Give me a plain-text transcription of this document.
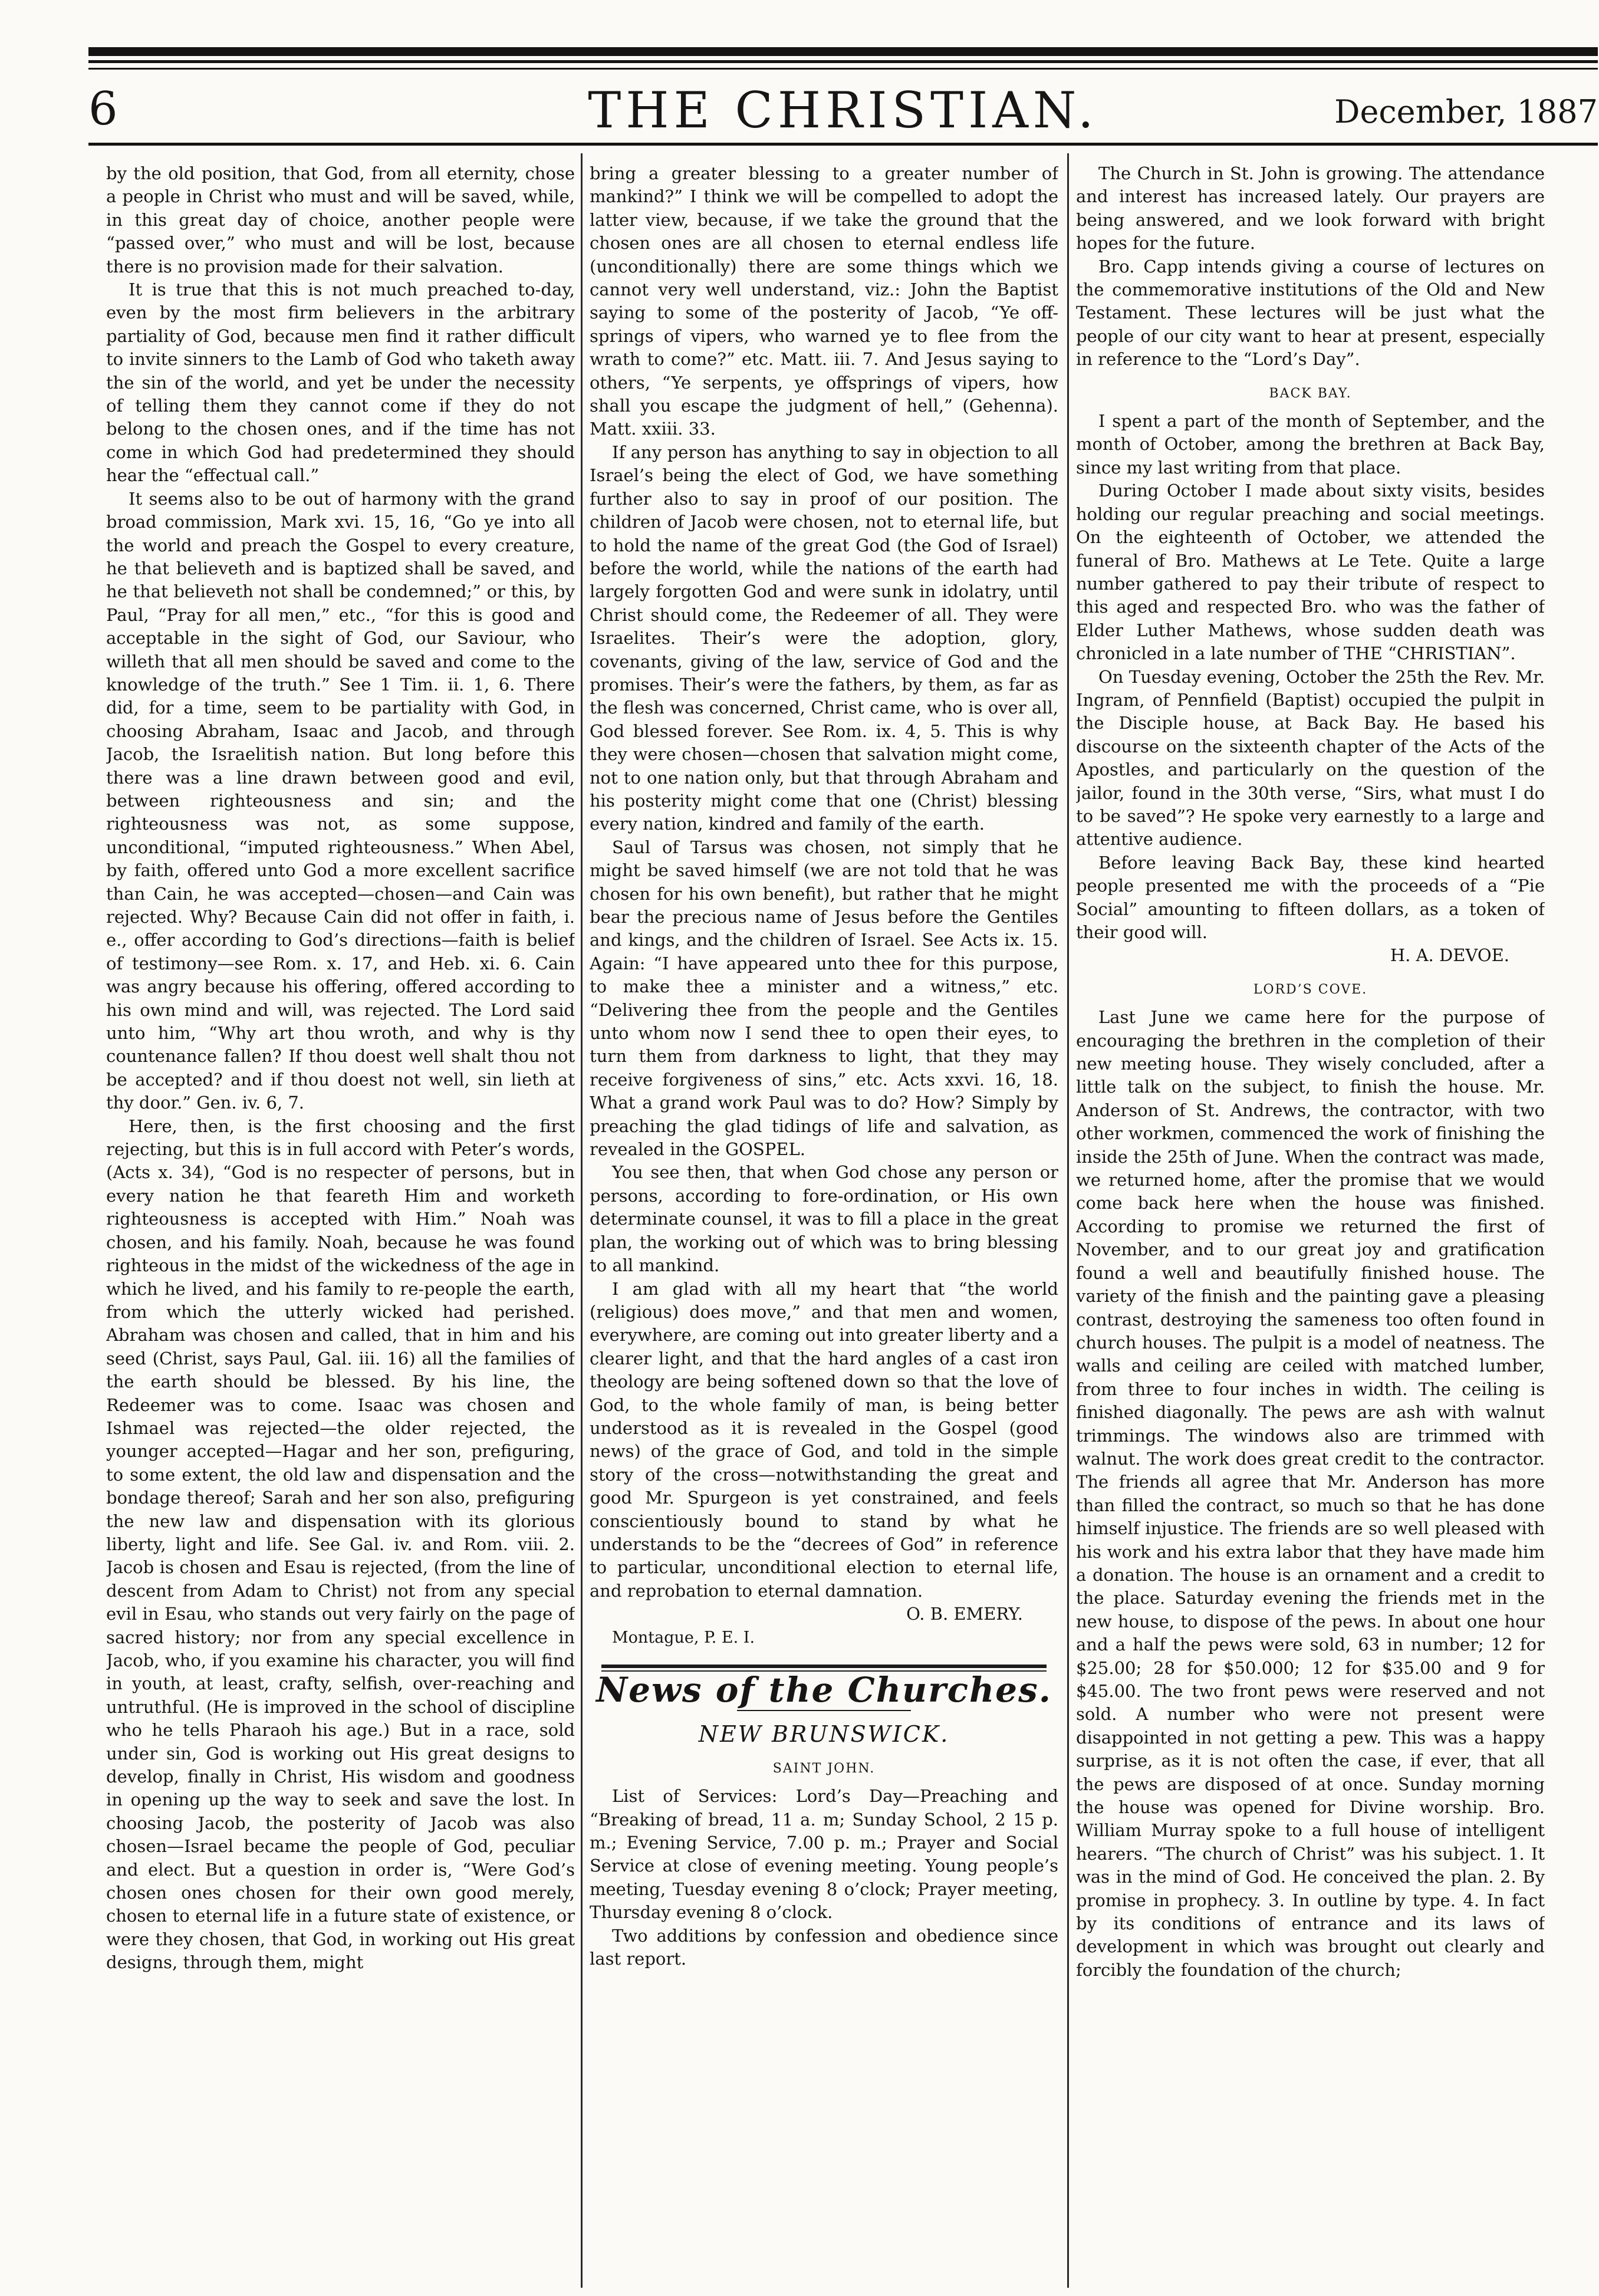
6	THE CHRISTIAN.	December, 1887

by the old position, that God, from all eternity, chose a people in Christ who must and will be saved, while, in this great day of choice, another people were “passed over,” who must and will be lost, because there is no provision made for their salvation.

It is true that this is not much preached to-day, even by the most firm believers in the arbitrary partiality of God, because men find it rather difficult to invite sinners to the Lamb of God who taketh away the sin of the world, and yet be under the necessity of telling them they cannot come if they do not belong to the chosen ones, and if the time has not come in which God had predetermined they should hear the “effectual call.”

It seems also to be out of harmony with the grand broad commission, Mark xvi. 15, 16, “Go ye into all the world and preach the Gospel to every creature, he that believeth and is baptized shall be saved, and he that believeth not shall be condemned;” or this, by Paul, “Pray for all men,” etc., “for this is good and acceptable in the sight of God, our Saviour, who willeth that all men should be saved and come to the knowledge of the truth.” See 1 Tim. ii. 1, 6. There did, for a time, seem to be partiality with God, in choosing Abraham, Isaac and Jacob, and through Jacob, the Israelitish nation. But long before this there was a line drawn between good and evil, between righteousness and sin; and the righteousness was not, as some suppose, unconditional, “imputed righteousness.” When Abel, by faith, offered unto God a more excellent sacrifice than Cain, he was accepted—chosen—and Cain was rejected. Why? Because Cain did not offer in faith, i. e., offer according to God’s directions—faith is belief of testimony—see Rom. x. 17, and Heb. xi. 6. Cain was angry because his offering, offered according to his own mind and will, was rejected. The Lord said unto him, “Why art thou wroth, and why is thy countenance fallen? If thou doest well shalt thou not be accepted? and if thou doest not well, sin lieth at thy door.” Gen. iv. 6, 7.

Here, then, is the first choosing and the first rejecting, but this is in full accord with Peter’s words, (Acts x. 34), “God is no respecter of persons, but in every nation he that feareth Him and worketh righteousness is accepted with Him.” Noah was chosen, and his family. Noah, because he was found righteous in the midst of the wickedness of the age in which he lived, and his family to re-people the earth, from which the utterly wicked had perished. Abraham was chosen and called, that in him and his seed (Christ, says Paul, Gal. iii. 16) all the families of the earth should be blessed. By his line, the Redeemer was to come. Isaac was chosen and Ishmael was rejected—the older rejected, the younger accepted—Hagar and her son, prefiguring, to some extent, the old law and dispensation and the bondage thereof; Sarah and her son also, prefiguring the new law and dispensation with its glorious liberty, light and life. See Gal. iv. and Rom. viii. 2. Jacob is chosen and Esau is rejected, (from the line of descent from Adam to Christ) not from any special evil in Esau, who stands out very fairly on the page of sacred history; nor from any special excellence in Jacob, who, if you examine his character, you will find in youth, at least, crafty, selfish, over-reaching and untruthful. (He is improved in the school of discipline who he tells Pharaoh his age.) But in a race, sold under sin, God is working out His great designs to develop, finally in Christ, His wisdom and goodness in opening up the way to seek and save the lost. In choosing Jacob, the posterity of Jacob was also chosen—Israel became the people of God, peculiar and elect. But a question in order is, “Were God’s chosen ones chosen for their own good merely, chosen to eternal life in a future state of existence, or were they chosen, that God, in working out His great designs, through them, might

bring a greater blessing to a greater number of mankind?” I think we will be compelled to adopt the latter view, because, if we take the ground that the chosen ones are all chosen to eternal endless life (unconditionally) there are some things which we cannot very well understand, viz.: John the Baptist saying to some of the posterity of Jacob, “Ye off-springs of vipers, who warned ye to flee from the wrath to come?” etc. Matt. iii. 7. And Jesus saying to others, “Ye serpents, ye offsprings of vipers, how shall you escape the judgment of hell,” (Gehenna). Matt. xxiii. 33.

If any person has anything to say in objection to all Israel’s being the elect of God, we have something further also to say in proof of our position. The children of Jacob were chosen, not to eternal life, but to hold the name of the great God (the God of Israel) before the world, while the nations of the earth had largely forgotten God and were sunk in idolatry, until Christ should come, the Redeemer of all. They were Israelites. Their’s were the adoption, glory, covenants, giving of the law, service of God and the promises. Their’s were the fathers, by them, as far as the flesh was concerned, Christ came, who is over all, God blessed forever. See Rom. ix. 4, 5. This is why they were chosen—chosen that salvation might come, not to one nation only, but that through Abraham and his posterity might come that one (Christ) blessing every nation, kindred and family of the earth.

Saul of Tarsus was chosen, not simply that he might be saved himself (we are not told that he was chosen for his own benefit), but rather that he might bear the precious name of Jesus before the Gentiles and kings, and the children of Israel. See Acts ix. 15. Again: “I have appeared unto thee for this purpose, to make thee a minister and a witness,” etc. “Delivering thee from the people and the Gentiles unto whom now I send thee to open their eyes, to turn them from darkness to light, that they may receive forgiveness of sins,” etc. Acts xxvi. 16, 18. What a grand work Paul was to do? How? Simply by preaching the glad tidings of life and salvation, as revealed in the GOSPEL.

You see then, that when God chose any person or persons, according to fore-ordination, or His own determinate counsel, it was to fill a place in the great plan, the working out of which was to bring blessing to all mankind.

I am glad with all my heart that “the world (religious) does move,” and that men and women, everywhere, are coming out into greater liberty and a clearer light, and that the hard angles of a cast iron theology are being softened down so that the love of God, to the whole family of man, is being better understood as it is revealed in the Gospel (good news) of the grace of God, and told in the simple story of the cross—notwithstanding the great and good Mr. Spurgeon is yet constrained, and feels conscientiously bound to stand by what he understands to be the “decrees of God” in reference to particular, unconditional election to eternal life, and reprobation to eternal damnation.

O. B. EMERY.

Montague, P. E. I.

News of the Churches.
NEW BRUNSWICK.
SAINT JOHN.

List of Services: Lord’s Day—Preaching and “Breaking of bread, 11 a. m; Sunday School, 2 15 p. m.; Evening Service, 7.00 p. m.; Prayer and Social Service at close of evening meeting. Young people’s meeting, Tuesday evening 8 o’clock; Prayer meeting, Thursday evening 8 o’clock.

Two additions by confession and obedience since last report.

The Church in St. John is growing. The attendance and interest has increased lately. Our prayers are being answered, and we look forward with bright hopes for the future.

Bro. Capp intends giving a course of lectures on the commemorative institutions of the Old and New Testament. These lectures will be just what the people of our city want to hear at present, especially in reference to the “Lord’s Day”.

BACK BAY.

I spent a part of the month of September, and the month of October, among the brethren at Back Bay, since my last writing from that place.

During October I made about sixty visits, besides holding our regular preaching and social meetings. On the eighteenth of October, we attended the funeral of Bro. Mathews at Le Tete. Quite a large number gathered to pay their tribute of respect to this aged and respected Bro. who was the father of Elder Luther Mathews, whose sudden death was chronicled in a late number of THE “CHRISTIAN”.

On Tuesday evening, October the 25th the Rev. Mr. Ingram, of Pennfield (Baptist) occupied the pulpit in the Disciple house, at Back Bay. He based his discourse on the sixteenth chapter of the Acts of the Apostles, and particularly on the question of the jailor, found in the 30th verse, “Sirs, what must I do to be saved”? He spoke very earnestly to a large and attentive audience.

Before leaving Back Bay, these kind hearted people presented me with the proceeds of a “Pie Social” amounting to fifteen dollars, as a token of their good will.

H. A. DEVOE.

LORD’S COVE.

Last June we came here for the purpose of encouraging the brethren in the completion of their new meeting house. They wisely concluded, after a little talk on the subject, to finish the house. Mr. Anderson of St. Andrews, the contractor, with two other workmen, commenced the work of finishing the inside the 25th of June. When the contract was made, we returned home, after the promise that we would come back here when the house was finished. According to promise we returned the first of November, and to our great joy and gratification found a well and beautifully finished house. The variety of the finish and the painting gave a pleasing contrast, destroying the sameness too often found in church houses. The pulpit is a model of neatness. The walls and ceiling are ceiled with matched lumber, from three to four inches in width. The ceiling is finished diagonally. The pews are ash with walnut trimmings. The windows also are trimmed with walnut. The work does great credit to the contractor. The friends all agree that Mr. Anderson has more than filled the contract, so much so that he has done himself injustice. The friends are so well pleased with his work and his extra labor that they have made him a donation. The house is an ornament and a credit to the place. Saturday evening the friends met in the new house, to dispose of the pews. In about one hour and a half the pews were sold, 63 in number; 12 for $25.00; 28 for $50.000; 12 for $35.00 and 9 for $45.00. The two front pews were reserved and not sold. A number who were not present were disappointed in not getting a pew. This was a happy surprise, as it is not often the case, if ever, that all the pews are disposed of at once. Sunday morning the house was opened for Divine worship. Bro. William Murray spoke to a full house of intelligent hearers. “The church of Christ” was his subject. 1. It was in the mind of God. He conceived the plan. 2. By promise in prophecy. 3. In outline by type. 4. In fact by its conditions of entrance and its laws of development in which was brought out clearly and forcibly the foundation of the church;
